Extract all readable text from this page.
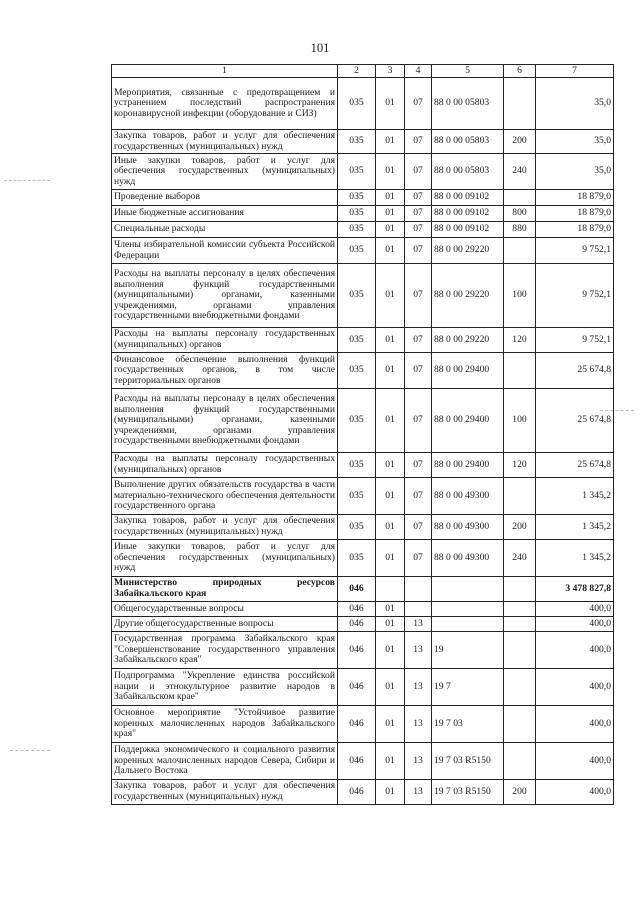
101
1	2	3	4	5	6	7
Мероприятия, связанные с предотвращением и устранением последствий распространения коронавирусной инфекции (оборудование и СИЗ)	035	01	07	88 0 00 05803		35,0
Закупка товаров, работ и услуг для обеспечения государственных (муниципальных) нужд	035	01	07	88 0 00 05803	200	35,0
Иные закупки товаров, работ и услуг для обеспечения государственных (муниципальных) нужд	035	01	07	88 0 00 05803	240	35,0
Проведение выборов	035	01	07	88 0 00 09102		18 879,0
Иные бюджетные ассигнования	035	01	07	88 0 00 09102	800	18 879,0
Специальные расходы	035	01	07	88 0 00 09102	880	18 879,0
Члены избирательной комиссии субъекта Российской Федерации	035	01	07	88 0 00 29220		9 752,1
Расходы на выплаты персоналу в целях обеспечения выполнения функций государственными (муниципальными) органами, казенными учреждениями, органами управления государственными внебюджетными фондами	035	01	07	88 0 00 29220	100	9 752,1
Расходы на выплаты персоналу государственных (муниципальных) органов	035	01	07	88 0 00 29220	120	9 752,1
Финансовое обеспечение выполнения функций государственных органов, в том числе территориальных органов	035	01	07	88 0 00 29400		25 674,8
Расходы на выплаты персоналу в целях обеспечения выполнения функций государственными (муниципальными) органами, казенными учреждениями, органами управления государственными внебюджетными фондами	035	01	07	88 0 00 29400	100	25 674,8
Расходы на выплаты персоналу государственных (муниципальных) органов	035	01	07	88 0 00 29400	120	25 674,8
Выполнение других обязательств государства в части материально-технического обеспечения деятельности государственного органа	035	01	07	88 0 00 49300		1 345,2
Закупка товаров, работ и услуг для обеспечения государственных (муниципальных) нужд	035	01	07	88 0 00 49300	200	1 345,2
Иные закупки товаров, работ и услуг для обеспечения государственных (муниципальных) нужд	035	01	07	88 0 00 49300	240	1 345,2
Министерство природных ресурсов Забайкальского края	046					3 478 827,8
Общегосударственные вопросы	046	01				400,0
Другие общегосударственные вопросы	046	01	13			400,0
Государственная программа Забайкальского края "Совершенствование государственного управления Забайкальского края"	046	01	13	19		400,0
Подпрограмма "Укрепление единства российской нации и этнокультурное развитие народов в Забайкальском крае"	046	01	13	19 7		400,0
Основное мероприятие "Устойчивое развитие коренных малочисленных народов Забайкальского края"	046	01	13	19 7 03		400,0
Поддержка экономического и социального развития коренных малочисленных народов Севера, Сибири и Дальнего Востока	046	01	13	19 7 03 R5150		400,0
Закупка товаров, работ и услуг для обеспечения государственных (муниципальных) нужд	046	01	13	19 7 03 R5150	200	400,0
